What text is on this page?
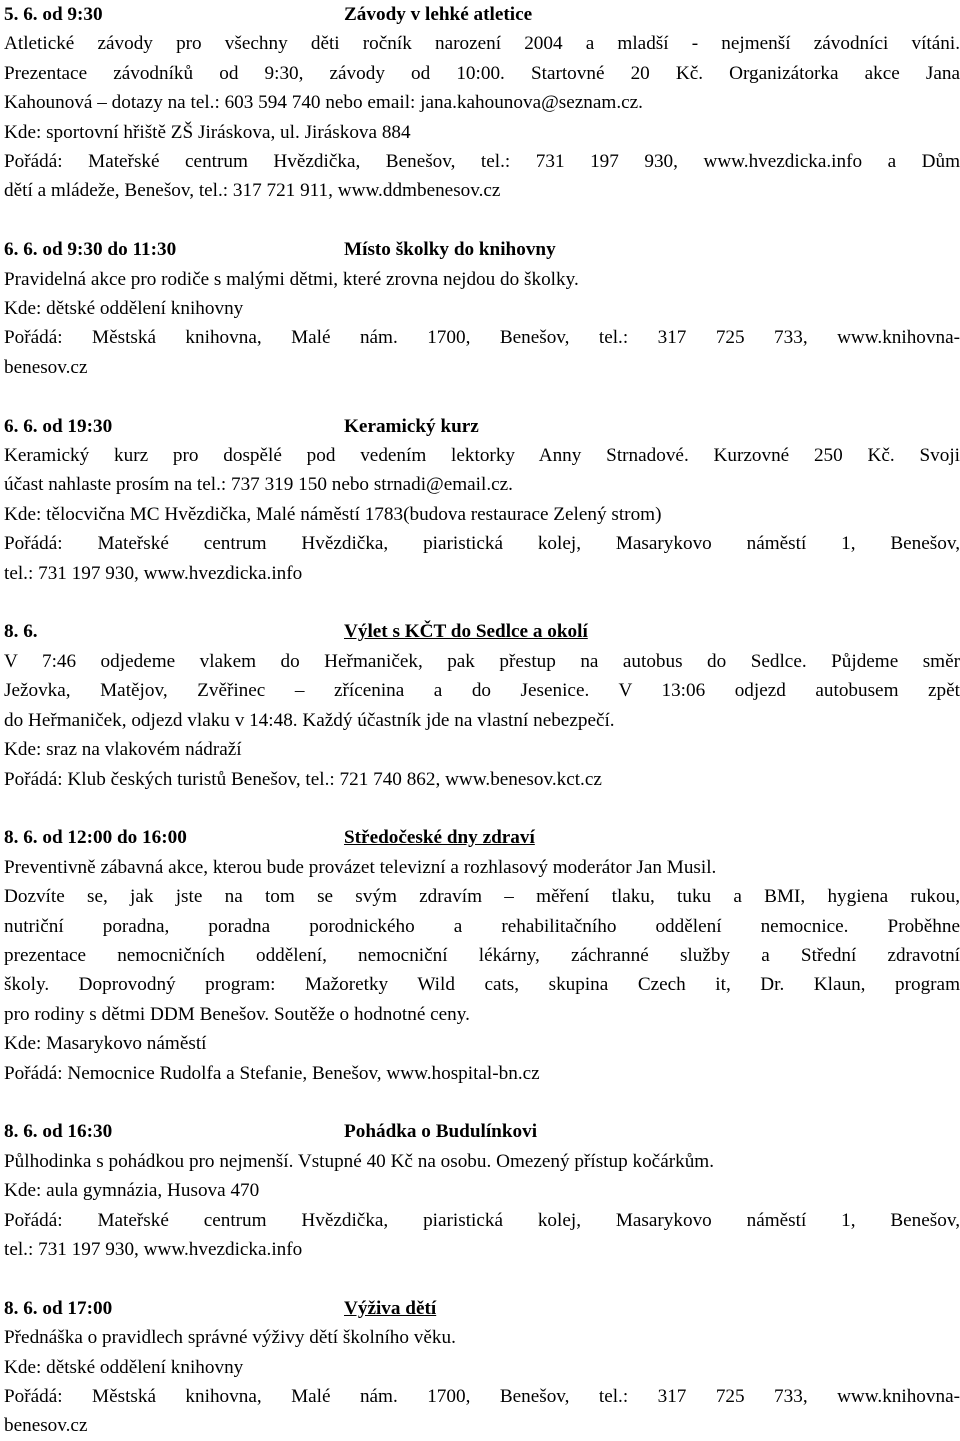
5. 6. od 9:30	Závody v lehké atletice
Atletické závody pro všechny děti ročník narození 2004 a mladší - nejmenší závodníci vítáni.
Prezentace závodníků od 9:30, závody od 10:00. Startovné 20 Kč. Organizátorka akce Jana
Kahounová – dotazy na tel.: 603 594 740 nebo email: jana.kahounova@seznam.cz.
Kde: sportovní hřiště ZŠ Jiráskova, ul. Jiráskova 884
Pořádá: Mateřské centrum Hvězdička, Benešov, tel.: 731 197 930, www.hvezdicka.info a Dům
dětí a mládeže, Benešov, tel.: 317 721 911, www.ddmbenesov.cz
6. 6. od 9:30 do 11:30	Místo školky do knihovny
Pravidelná akce pro rodiče s malými dětmi, které zrovna nejdou do školky.
Kde: dětské oddělení knihovny
Pořádá: Městská knihovna, Malé nám. 1700, Benešov, tel.: 317 725 733, www.knihovna-
benesov.cz
6. 6. od 19:30	Keramický kurz
Keramický kurz pro dospělé pod vedením lektorky Anny Strnadové. Kurzovné 250 Kč. Svoji
účast nahlaste prosím na tel.: 737 319 150 nebo strnadi@email.cz.
Kde: tělocvična MC Hvězdička, Malé náměstí 1783(budova restaurace Zelený strom)
Pořádá: Mateřské centrum Hvězdička, piaristická kolej, Masarykovo náměstí 1, Benešov,
tel.: 731 197 930, www.hvezdicka.info
8. 6.	Výlet s KČT do Sedlce a okolí
V 7:46 odjedeme vlakem do Heřmaniček, pak přestup na autobus do Sedlce. Půjdeme směr
Ježovka, Matějov, Zvěřinec – zřícenina a do Jesenice. V 13:06 odjezd autobusem zpět
do Heřmaniček, odjezd vlaku v 14:48. Každý účastník jde na vlastní nebezpečí.
Kde: sraz na vlakovém nádraží
Pořádá: Klub českých turistů Benešov, tel.: 721 740 862, www.benesov.kct.cz
8. 6. od 12:00 do 16:00	Středočeské dny zdraví
Preventivně zábavná akce, kterou bude provázet televizní a rozhlasový moderátor Jan Musil.
Dozvíte se, jak jste na tom se svým zdravím – měření tlaku, tuku a BMI, hygiena rukou,
nutriční poradna, poradna porodnického a rehabilitačního oddělení nemocnice. Proběhne
prezentace nemocničních oddělení, nemocniční lékárny, záchranné služby a Střední zdravotní
školy. Doprovodný program: Mažoretky Wild cats, skupina Czech it, Dr. Klaun, program
pro rodiny s dětmi DDM Benešov. Soutěže o hodnotné ceny.
Kde: Masarykovo náměstí
Pořádá: Nemocnice Rudolfa a Stefanie, Benešov, www.hospital-bn.cz
8. 6. od 16:30	Pohádka o Budulínkovi
Půlhodinka s pohádkou pro nejmenší. Vstupné 40 Kč na osobu. Omezený přístup kočárkům.
Kde: aula gymnázia, Husova 470
Pořádá: Mateřské centrum Hvězdička, piaristická kolej, Masarykovo náměstí 1, Benešov,
tel.: 731 197 930, www.hvezdicka.info
8. 6. od 17:00	Výživa dětí
Přednáška o pravidlech správné výživy dětí školního věku.
Kde: dětské oddělení knihovny
Pořádá: Městská knihovna, Malé nám. 1700, Benešov, tel.: 317 725 733, www.knihovna-
benesov.cz
